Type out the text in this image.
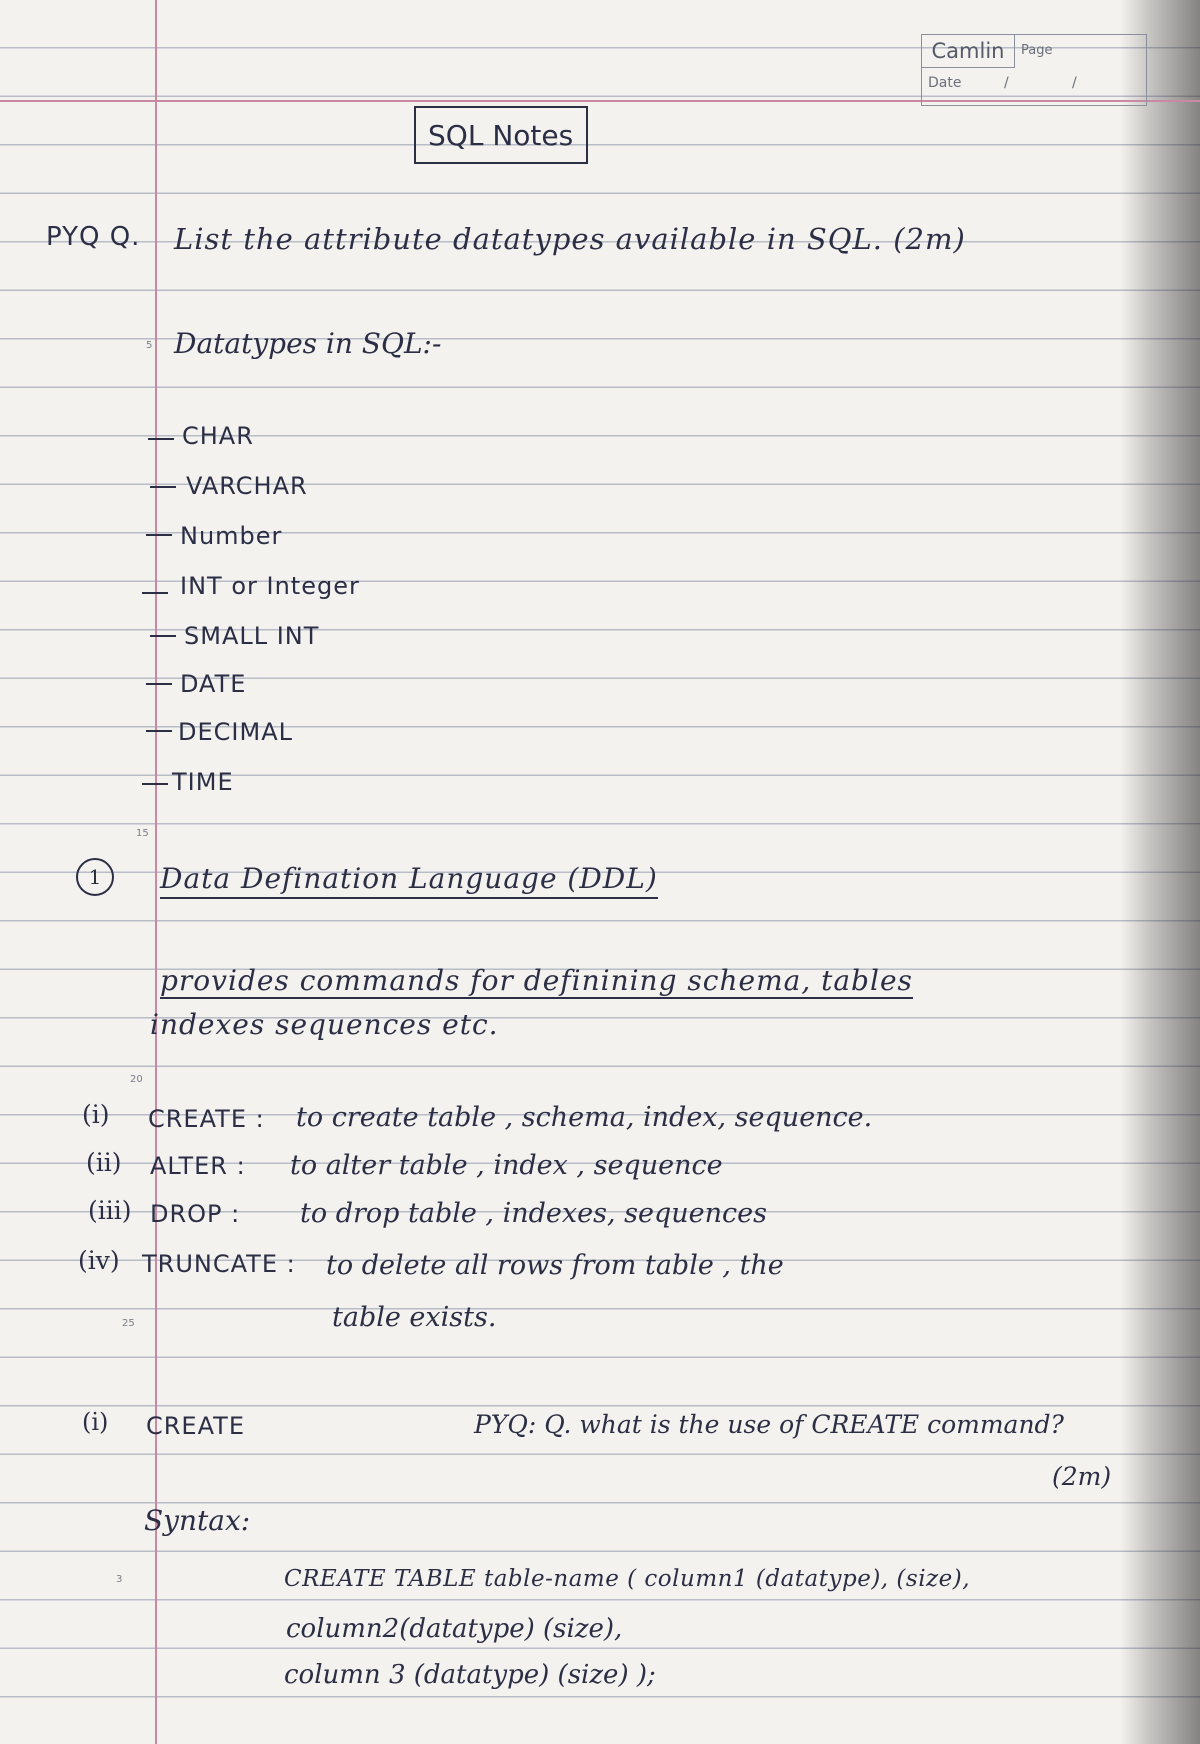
Camlin	Page
Date	/	/
SQL Notes
PYQ Q. List the attribute datatypes available in SQL. (2m)
5 Datatypes in SQL:-
CHAR
VARCHAR
Number
INT or Integer
SMALL INT
DATE
DECIMAL
TIME
15
1	Data Defination Language (DDL)
provides commands for definining schema, tables
indexes sequences etc.
20
(i) CREATE : to create table , schema, index, sequence.
(ii) ALTER : to alter table , index , sequence
(iii) DROP : to drop table , indexes, sequences
(iv) TRUNCATE : to delete all rows from table , the
25	table exists.
(i) CREATE	PYQ: Q. what is the use of CREATE command?
(2m)
Syntax:
3	CREATE TABLE table-name ( column1 (datatype), (size),
column2(datatype) (size),
column 3 (datatype) (size) );
